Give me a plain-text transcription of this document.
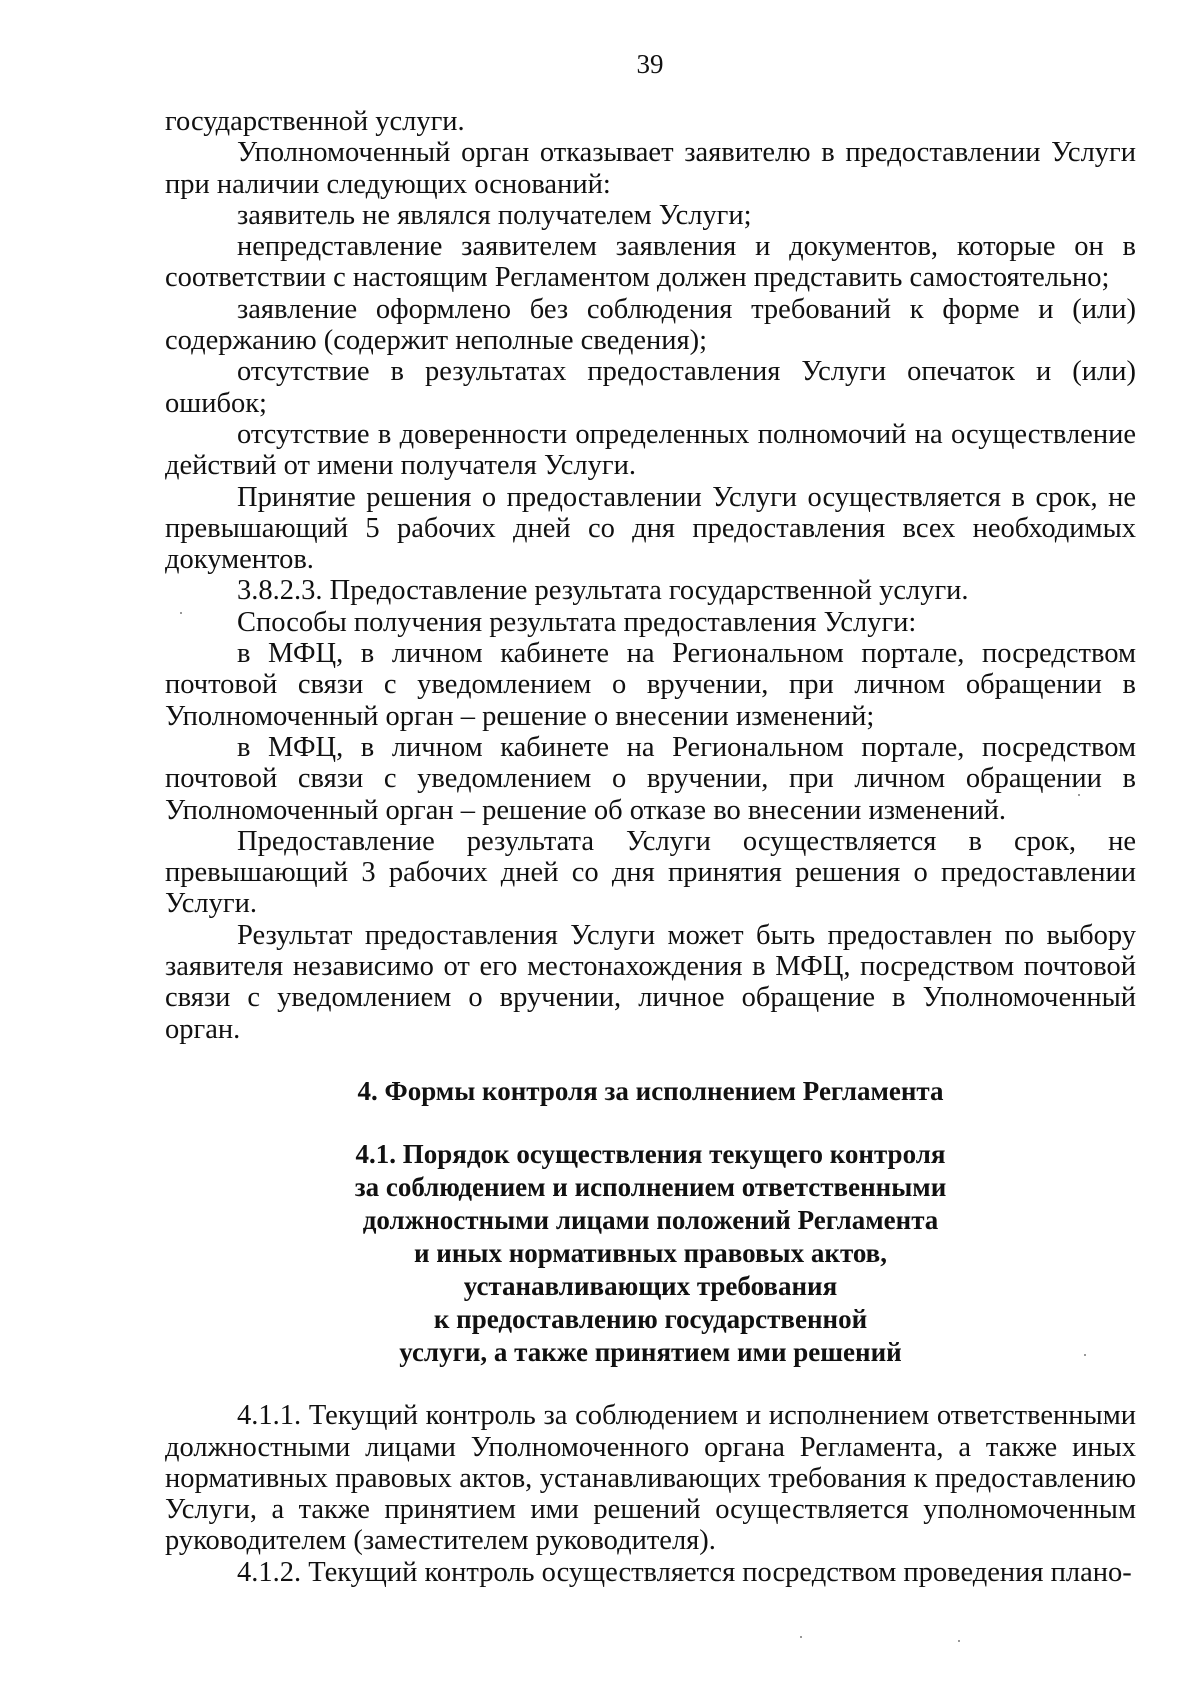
39

государственной услуги.

Уполномоченный орган отказывает заявителю в предоставлении Услуги при наличии следующих оснований:

заявитель не являлся получателем Услуги;

непредставление заявителем заявления и документов, которые он в соответствии с настоящим Регламентом должен представить самостоятельно;

заявление оформлено без соблюдения требований к форме и (или) содержанию (содержит неполные сведения);

отсутствие в результатах предоставления Услуги опечаток и (или) ошибок;

отсутствие в доверенности определенных полномочий на осуществление действий от имени получателя Услуги.

Принятие решения о предоставлении Услуги осуществляется в срок, не превышающий 5 рабочих дней со дня предоставления всех необходимых документов.

3.8.2.3. Предоставление результата государственной услуги.

Способы получения результата предоставления Услуги:

в МФЦ, в личном кабинете на Региональном портале, посредством почтовой связи с уведомлением о вручении, при личном обращении в Уполномоченный орган – решение о внесении изменений;

в МФЦ, в личном кабинете на Региональном портале, посредством почтовой связи с уведомлением о вручении, при личном обращении в Уполномоченный орган – решение об отказе во внесении изменений.

Предоставление результата Услуги осуществляется в срок, не превышающий 3 рабочих дней со дня принятия решения о предоставлении Услуги.

Результат предоставления Услуги может быть предоставлен по выбору заявителя независимо от его местонахождения в МФЦ, посредством почтовой связи с уведомлением о вручении, личное обращение в Уполномоченный орган.

4. Формы контроля за исполнением Регламента
4.1. Порядок осуществления текущего контроля
за соблюдением и исполнением ответственными
должностными лицами положений Регламента
и иных нормативных правовых актов,
устанавливающих требования
к предоставлению государственной
услуги, а также принятием ими решений

4.1.1. Текущий контроль за соблюдением и исполнением ответственными должностными лицами Уполномоченного органа Регламента, а также иных нормативных правовых актов, устанавливающих требования к предоставлению Услуги, а также принятием ими решений осуществляется уполномоченным руководителем (заместителем руководителя).

4.1.2. Текущий контроль осуществляется посредством проведения плано-
